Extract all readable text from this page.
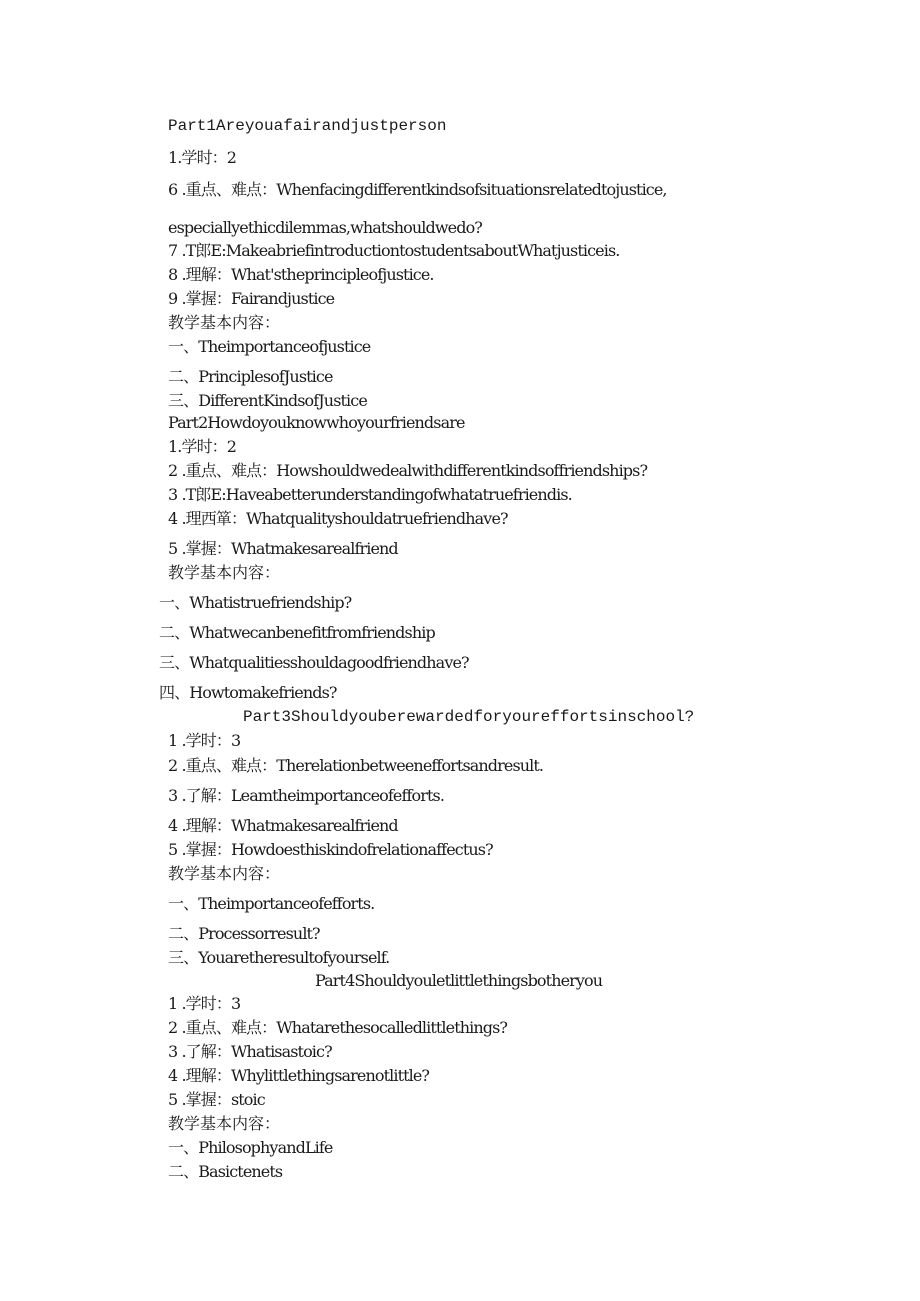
Part1Areyouafairandjustperson
1.学时：2
6 .重点、难点：Whenfacingdifferentkindsofsituationsrelatedtojustice,
especiallyethicdilemmas,whatshouldwedo?
7 .T郎E:MakeabriefintroductiontostudentsaboutWhatjusticeis.
8 .理解：What'stheprincipleofjustice.
9 .掌握：Fairandjustice
教学基本内容：
一、Theimportanceofjustice
二、PrinciplesofJustice
三、DifferentKindsofJustice
Part2Howdoyouknowwhoyourfriendsare
1.学时：2
2 .重点、难点：Howshouldwedealwithdifferentkindsoffriendships?
3 .T郎E:Haveabetterunderstandingofwhatatruefriendis.
4 .理西箪：Whatqualityshouldatruefriendhave?
5 .掌握：Whatmakesarealfriend
教学基本内容：
一、Whatistruefriendship?
二、Whatwecanbenefitfromfriendship
三、Whatqualitiesshouldagoodfriendhave?
四、Howtomakefriends?
Part3Shouldyouberewardedforyoureffortsinschool?
1 .学时：3
2 .重点、难点：Therelationbetweeneffortsandresult.
3 .了解：Leamtheimportanceofefforts.
4 .理解：Whatmakesarealfriend
5 .掌握：Howdoesthiskindofrelationaffectus?
教学基本内容：
一、Theimportanceofefforts.
二、Processorresult?
三、Youaretheresultofyourself.
Part4Shouldyouletlittlethingsbotheryou
1 .学时：3
2 .重点、难点：Whatarethesocalledlittlethings?
3 .了解：Whatisastoic?
4 .理解：Whylittlethingsarenotlittle?
5 .掌握：stoic
教学基本内容：
一、PhilosophyandLife
二、Basictenets
